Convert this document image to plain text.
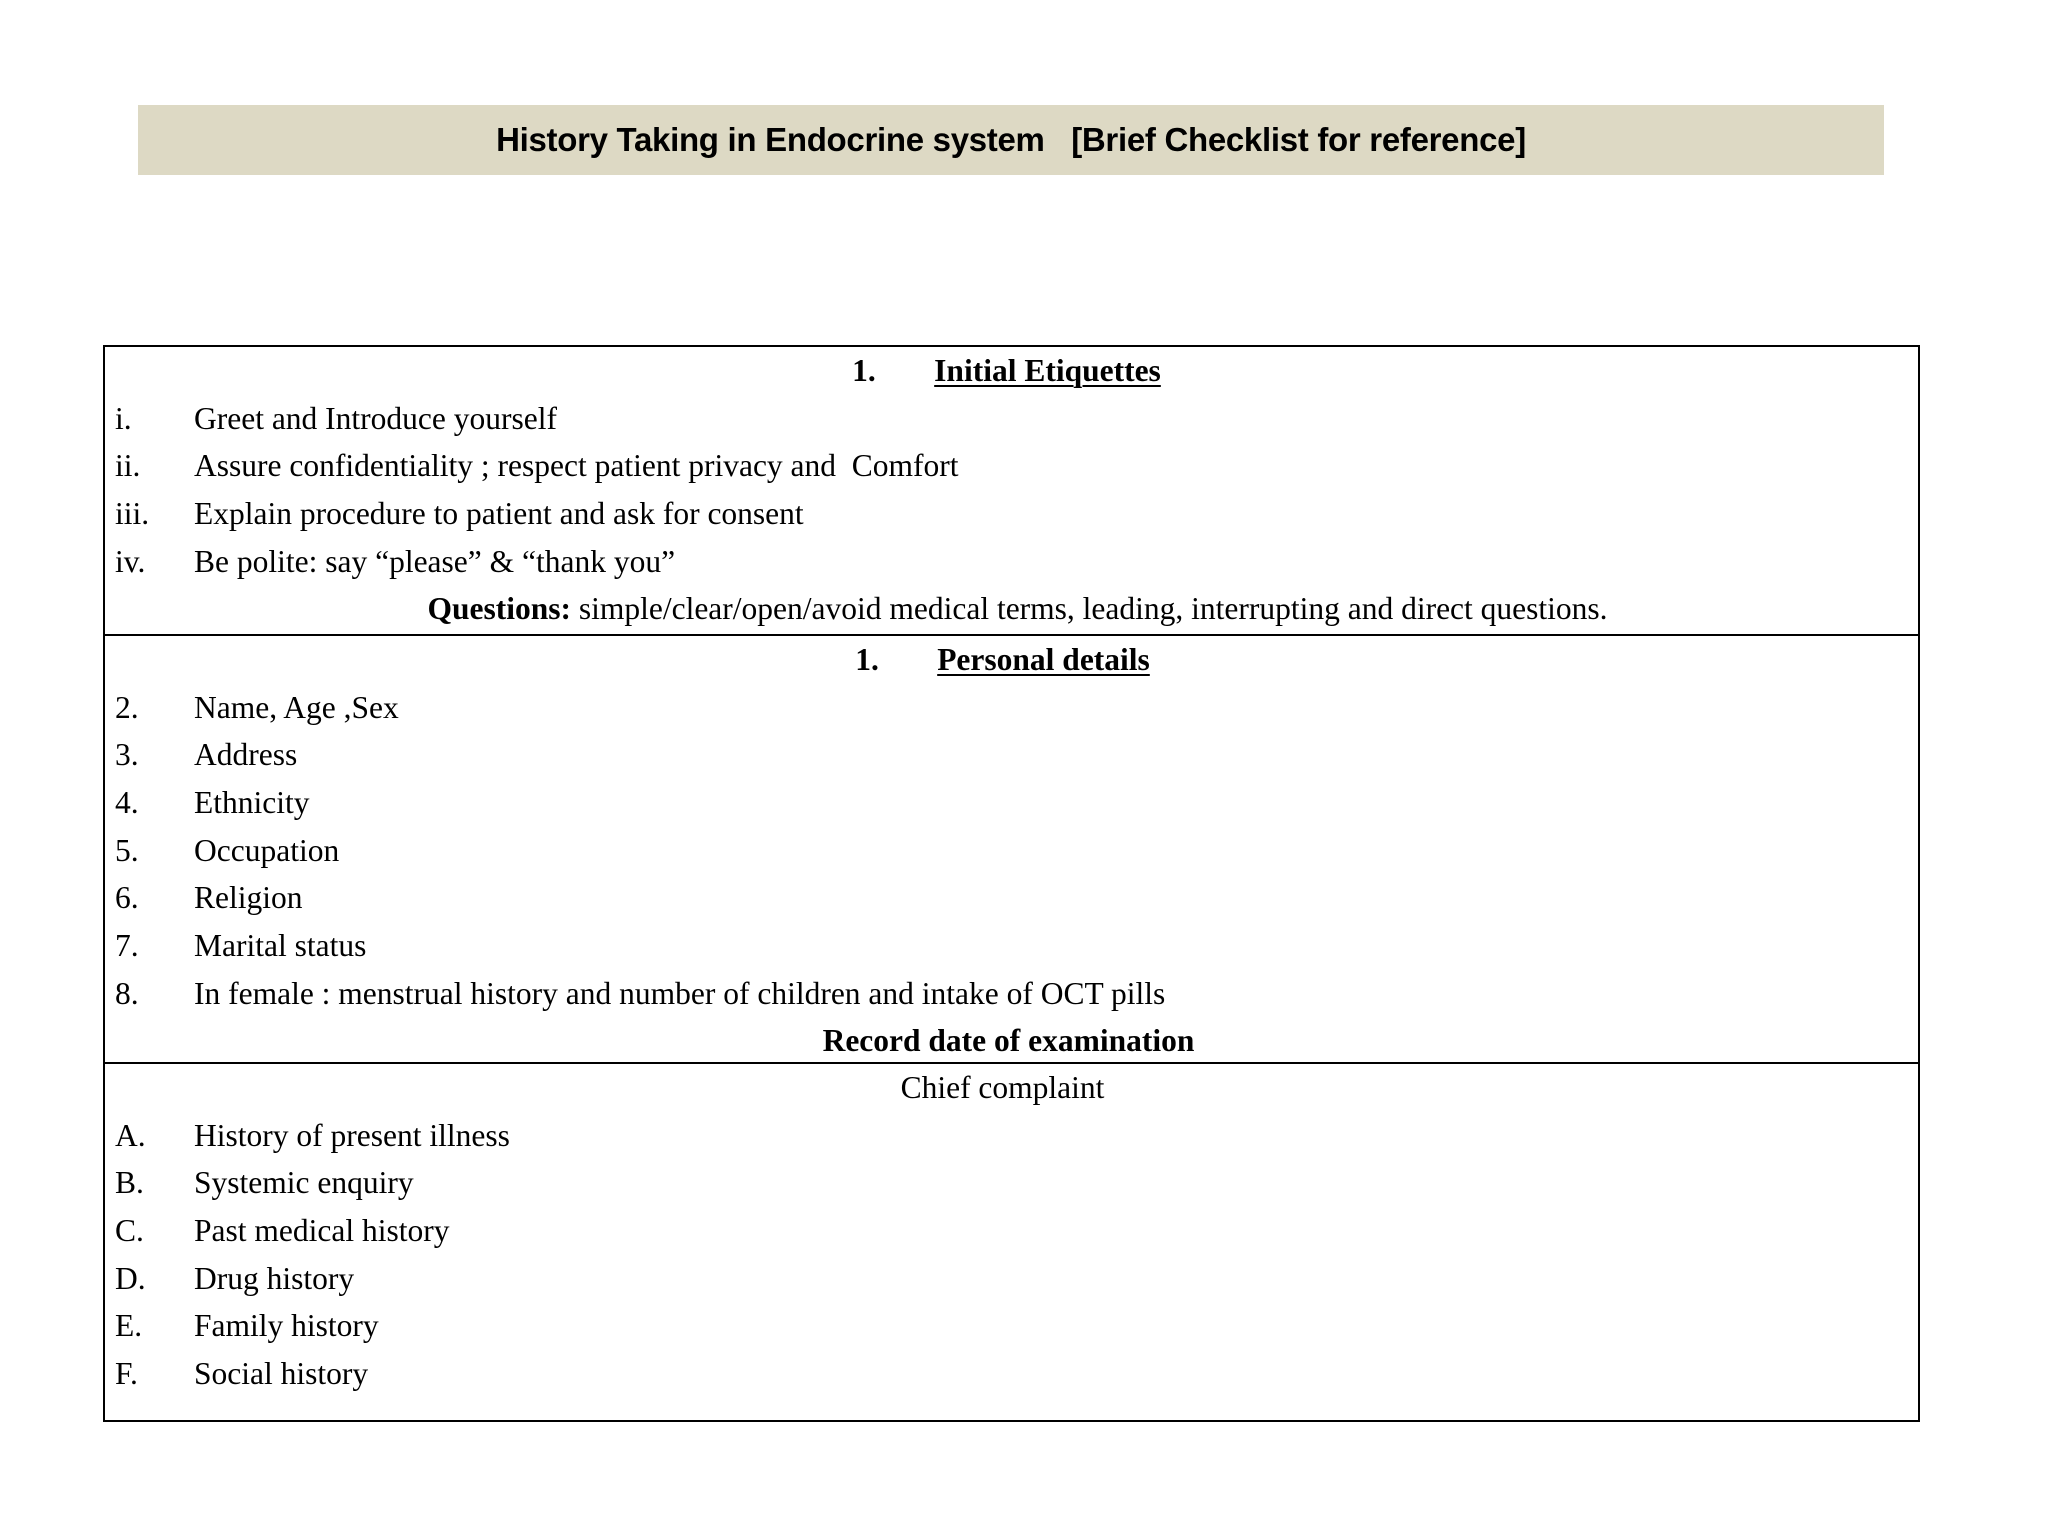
History Taking in Endocrine system   [Brief Checklist for reference]
1.	Initial Etiquettes
i.	Greet and Introduce yourself
ii.	Assure confidentiality ; respect patient privacy and  Comfort
iii.	Explain procedure to patient and ask for consent
iv.	Be polite: say “please” & “thank you”
Questions: simple/clear/open/avoid medical terms, leading, interrupting and direct questions.
1.	Personal details
2.	Name, Age ,Sex
3.	Address
4.	Ethnicity
5.	Occupation
6.	Religion
7.	Marital status
8.	In female : menstrual history and number of children and intake of OCT pills
Record date of examination
Chief complaint
A.	History of present illness
B.	Systemic enquiry
C.	Past medical history
D.	Drug history
E.	Family history
F.	Social history
